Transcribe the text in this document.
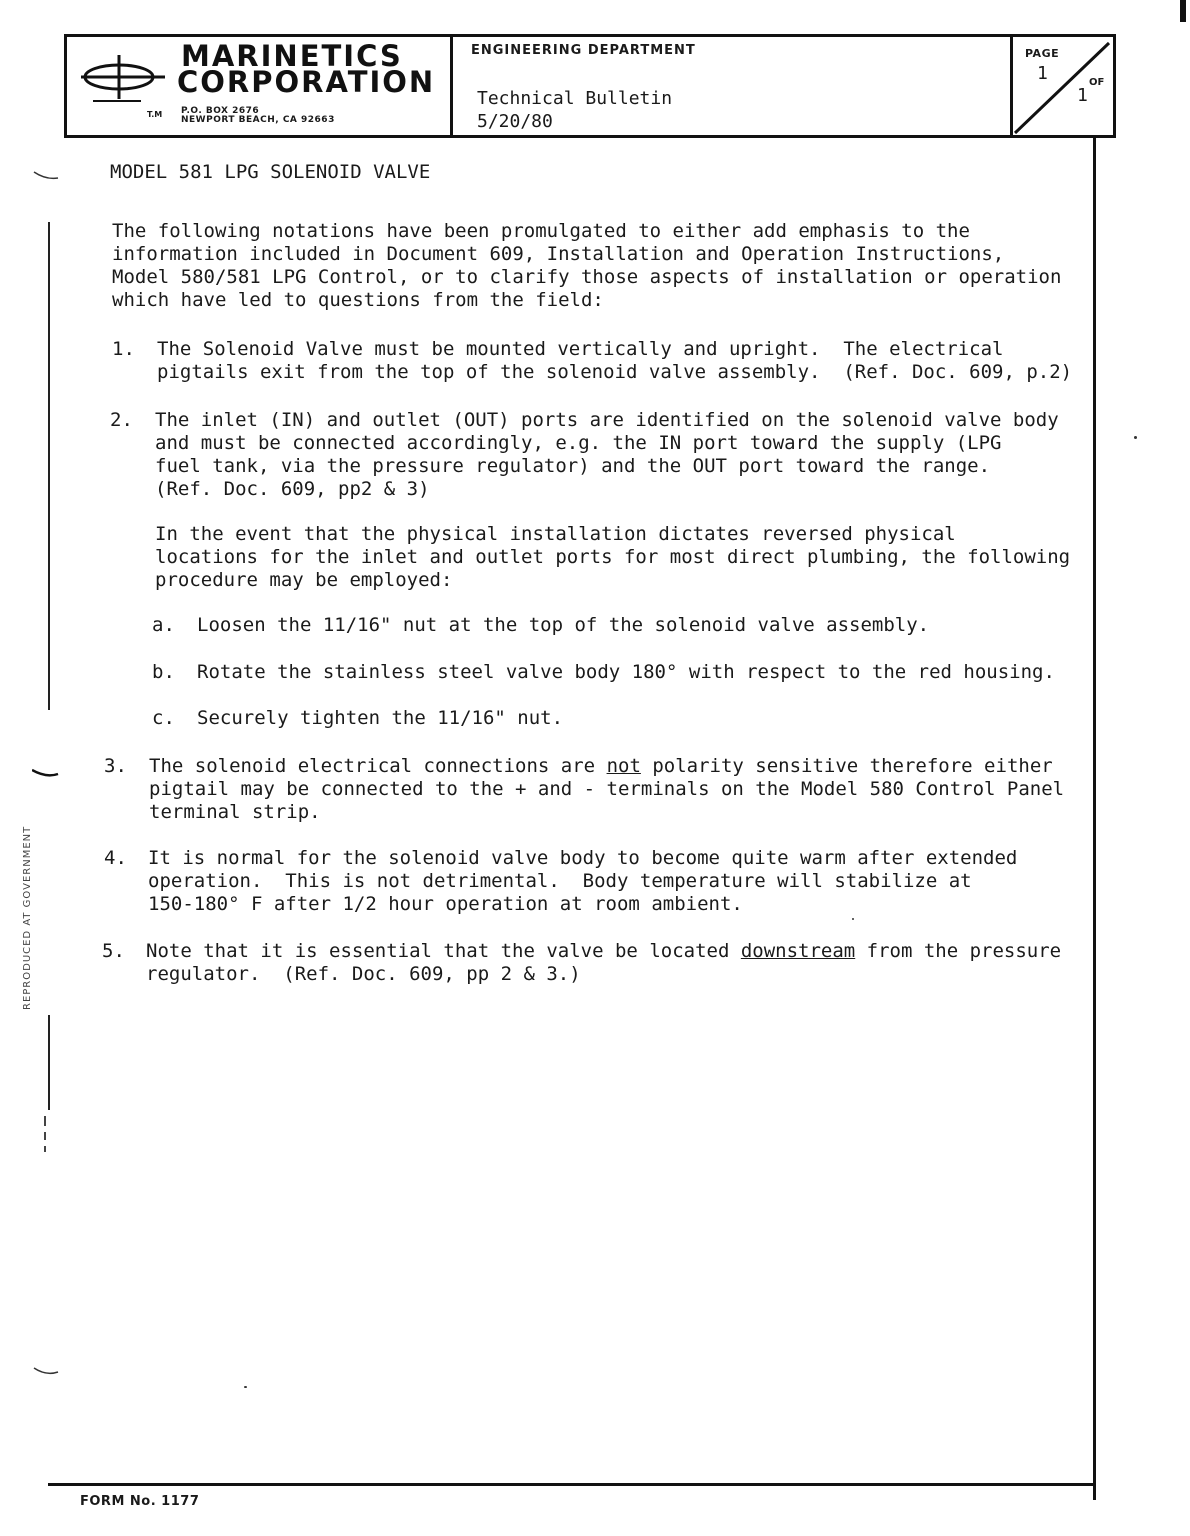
MARINETICS
CORPORATION
T.M P.O. BOX 2676
NEWPORT BEACH, CA 92663
ENGINEERING DEPARTMENT
Technical Bulletin
5/20/80
PAGE
1	OF
1
REPRODUCED AT GOVERNMENT
MODEL 581 LPG SOLENOID VALVE
The following notations have been promulgated to either add emphasis to the
information included in Document 609, Installation and Operation Instructions,
Model 580/581 LPG Control, or to clarify those aspects of installation or operation
which have led to questions from the field:
1. The Solenoid Valve must be mounted vertically and upright.  The electrical
pigtails exit from the top of the solenoid valve assembly.  (Ref. Doc. 609, p.2)
2. The inlet (IN) and outlet (OUT) ports are identified on the solenoid valve body
and must be connected accordingly, e.g. the IN port toward the supply (LPG
fuel tank, via the pressure regulator) and the OUT port toward the range.
(Ref. Doc. 609, pp2 & 3)
In the event that the physical installation dictates reversed physical
locations for the inlet and outlet ports for most direct plumbing, the following
procedure may be employed:
a. Loosen the 11/16" nut at the top of the solenoid valve assembly.
b. Rotate the stainless steel valve body 180° with respect to the red housing.
c. Securely tighten the 11/16" nut.
3. The solenoid electrical connections are not polarity sensitive therefore either
pigtail may be connected to the + and - terminals on the Model 580 Control Panel
terminal strip.
4. It is normal for the solenoid valve body to become quite warm after extended
operation.  This is not detrimental.  Body temperature will stabilize at
150-180° F after 1/2 hour operation at room ambient.
5. Note that it is essential that the valve be located downstream from the pressure
regulator.  (Ref. Doc. 609, pp 2 & 3.)
FORM No. 1177
